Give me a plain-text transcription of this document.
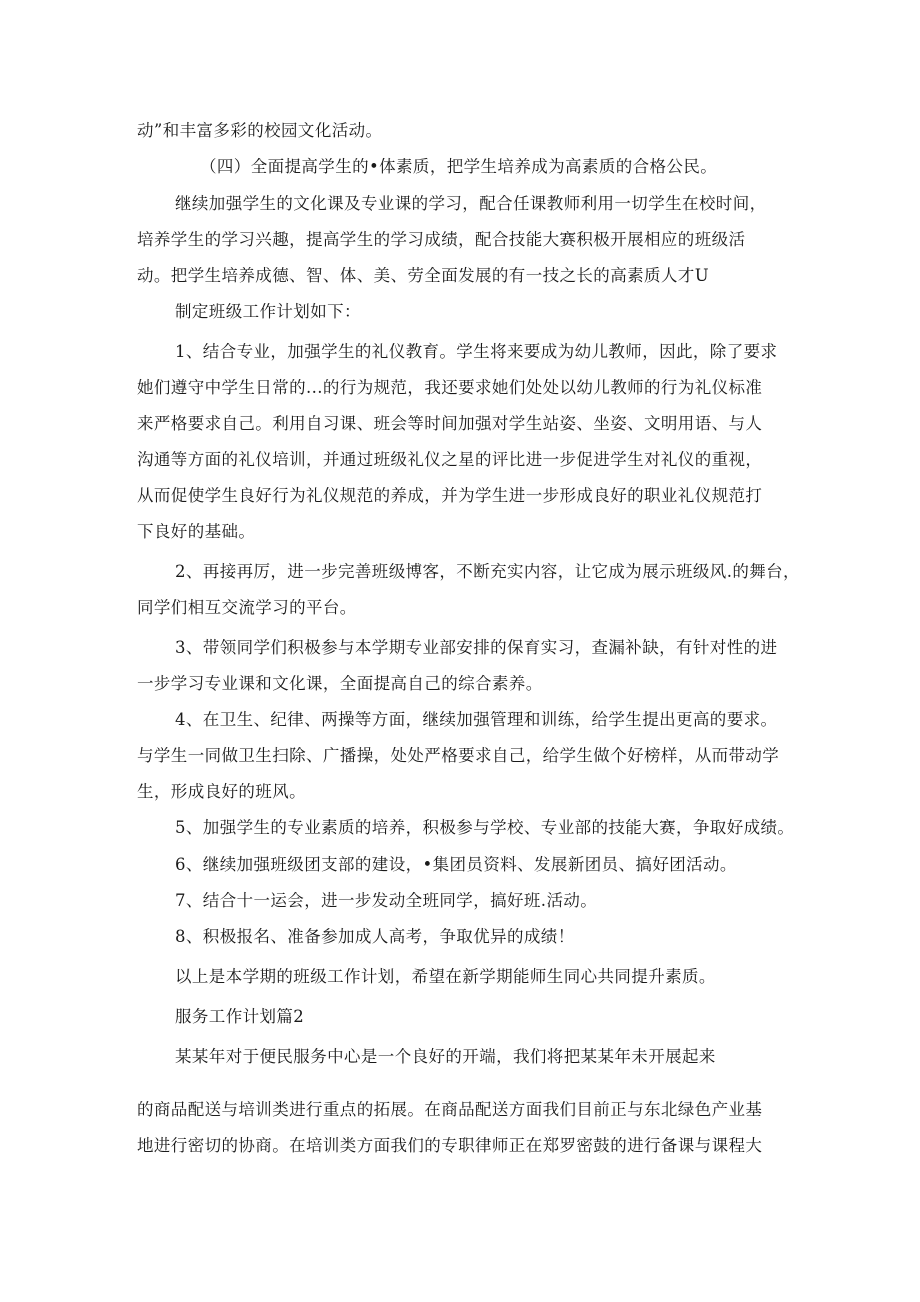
动”和丰富多彩的校园文化活动。
（四）全面提高学生的•体素质，把学生培养成为高素质的合格公民。
继续加强学生的文化课及专业课的学习，配合任课教师利用一切学生在校时间，
培养学生的学习兴趣，提高学生的学习成绩，配合技能大赛积极开展相应的班级活
动。把学生培养成德、智、体、美、劳全面发展的有一技之长的高素质人才U
制定班级工作计划如下：
1、结合专业，加强学生的礼仪教育。学生将来要成为幼儿教师，因此，除了要求
她们遵守中学生日常的...的行为规范，我还要求她们处处以幼儿教师的行为礼仪标准
来严格要求自己。利用自习课、班会等时间加强对学生站姿、坐姿、文明用语、与人
沟通等方面的礼仪培训，并通过班级礼仪之星的评比进一步促进学生对礼仪的重视，
从而促使学生良好行为礼仪规范的养成，并为学生进一步形成良好的职业礼仪规范打
下良好的基础。
2、再接再厉，进一步完善班级博客，不断充实内容，让它成为展示班级风.的舞台，
同学们相互交流学习的平台。
3、带领同学们积极参与本学期专业部安排的保育实习，查漏补缺，有针对性的进
一步学习专业课和文化课，全面提高自己的综合素养。
4、在卫生、纪律、两操等方面，继续加强管理和训练，给学生提出更高的要求。
与学生一同做卫生扫除、广播操，处处严格要求自己，给学生做个好榜样，从而带动学
生，形成良好的班风。
5、加强学生的专业素质的培养，积极参与学校、专业部的技能大赛，争取好成绩。
6、继续加强班级团支部的建设，•集团员资料、发展新团员、搞好团活动。
7、结合十一运会，进一步发动全班同学，搞好班.活动。
8、积极报名、准备参加成人高考，争取优异的成绩！
以上是本学期的班级工作计划，希望在新学期能师生同心共同提升素质。
服务工作计划篇2
某某年对于便民服务中心是一个良好的开端，我们将把某某年未开展起来
的商品配送与培训类进行重点的拓展。在商品配送方面我们目前正与东北绿色产业基
地进行密切的协商。在培训类方面我们的专职律师正在郑罗密鼓的进行备课与课程大
